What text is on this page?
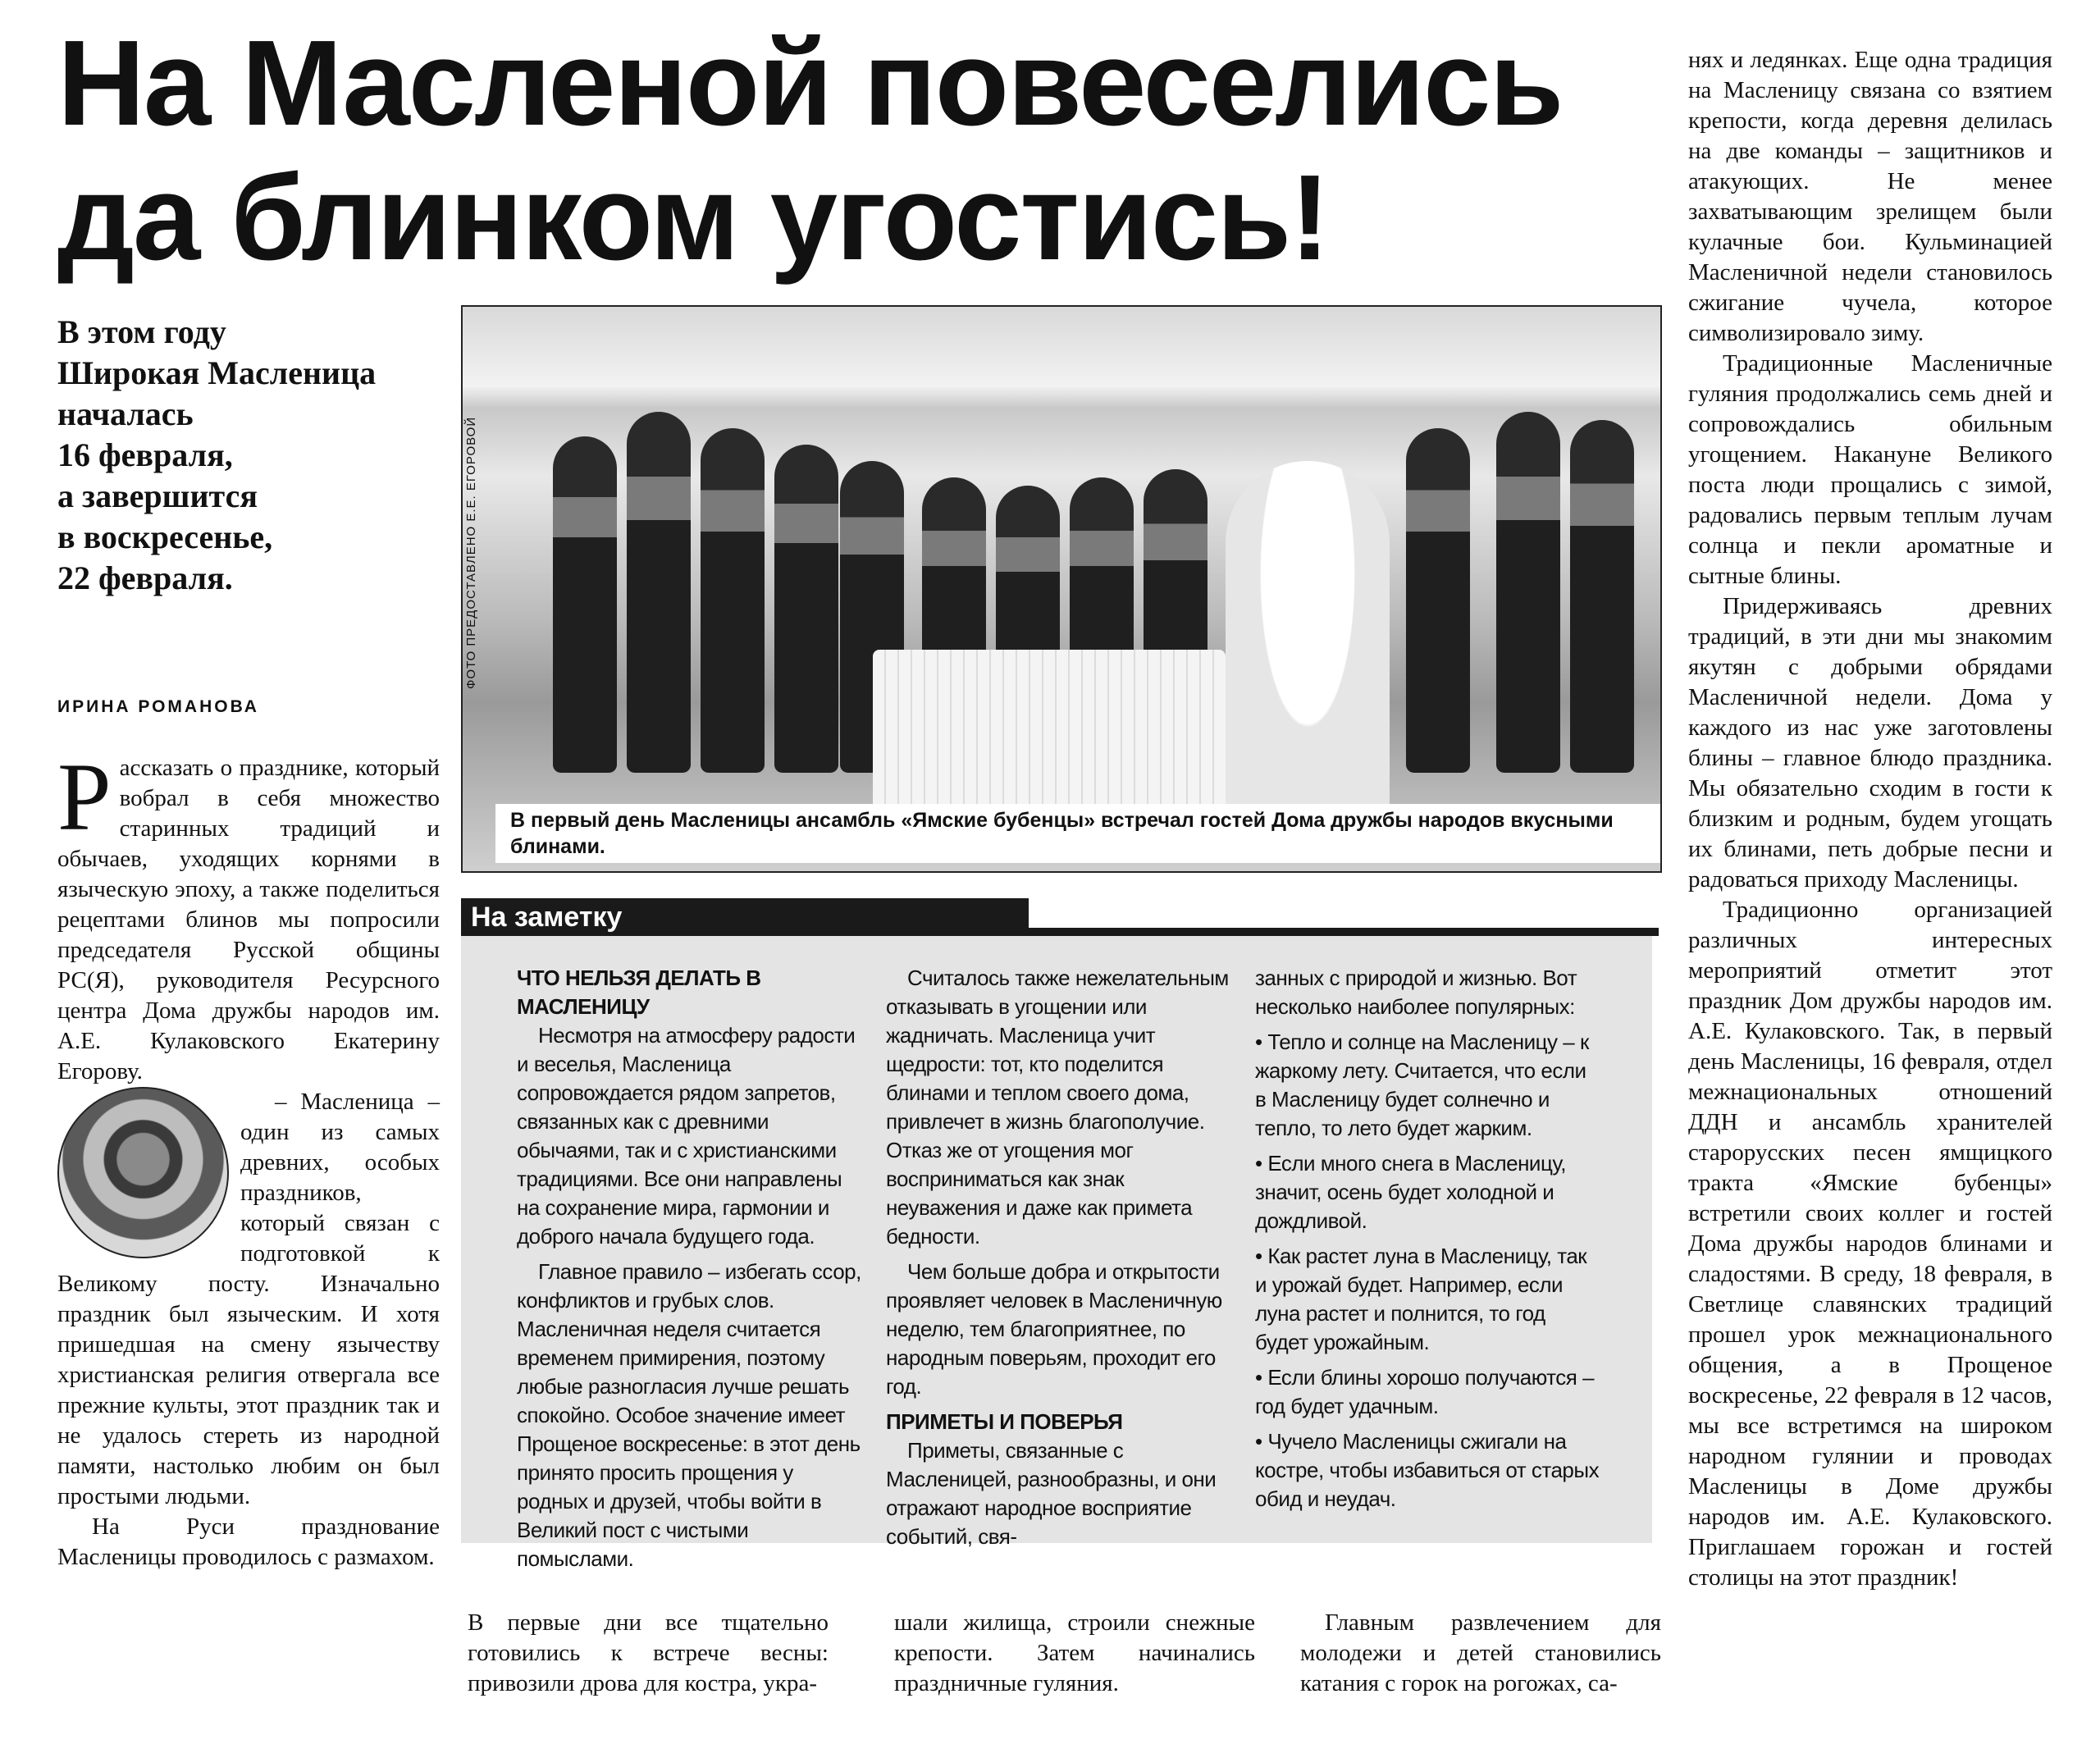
На Масленой повеселись
да блинком угостись!
В этом году
Широкая Масленица
началась
16 февраля,
а завершится
в воскресенье,
22 февраля.
ИРИНА РОМАНОВА

Рассказать о празднике, который вобрал в себя множество старинных традиций и обычаев, уходящих корнями в языческую эпоху, а также поделиться рецептами блинов мы попросили председателя Русской общины РС(Я), руководителя Ресурсного центра Дома дружбы народов им. А.Е. Кулаковского Екатерину Егорову.

– Масленица – один из самых древних, особых праздников, который связан с подготовкой к Великому посту. Изначально праздник был языческим. И хотя пришедшая на смену язычеству христианская религия отвергала все прежние культы, этот праздник так и не удалось стереть из народной памяти, настолько любим он был простыми людьми.

На Руси празднование Масленицы проводилось с размахом.

ФОТО ПРЕДОСТАВЛЕНО Е.Е. ЕГОРОВОЙ
В первый день Масленицы ансамбль «Ямские бубенцы» встречал гостей Дома дружбы народов вкусными блинами.
На заметку

ЧТО НЕЛЬЗЯ ДЕЛАТЬ В МАСЛЕНИЦУ

Несмотря на атмосферу радости и веселья, Масленица сопровождается рядом запретов, связанных как с древними обычаями, так и с христианскими традициями. Все они направлены на сохранение мира, гармонии и доброго начала будущего года.

Главное правило – избегать ссор, конфликтов и грубых слов. Масленичная неделя считается временем примирения, поэтому любые разногласия лучше решать спокойно. Особое значение имеет Прощеное воскресенье: в этот день принято просить прощения у родных и друзей, чтобы войти в Великий пост с чистыми помыслами.

Считалось также нежелательным отказывать в угощении или жадничать. Масленица учит щедрости: тот, кто поделится блинами и теплом своего дома, привлечет в жизнь благополучие. Отказ же от угощения мог восприниматься как знак неуважения и даже как примета бедности.

Чем больше добра и открытости проявляет человек в Масленичную неделю, тем благоприятнее, по народным поверьям, проходит его год.

ПРИМЕТЫ И ПОВЕРЬЯ

Приметы, связанные с Масленицей, разнообразны, и они отражают народное восприятие событий, свя-

занных с природой и жизнью. Вот несколько наиболее популярных:

• Тепло и солнце на Масленицу – к жаркому лету. Считается, что если в Масленицу будет солнечно и тепло, то лето будет жарким.

• Если много снега в Масленицу, значит, осень будет холодной и дождливой.

• Как растет луна в Масленицу, так и урожай будет. Например, если луна растет и полнится, то год будет урожайным.

• Если блины хорошо получаются – год будет удачным.

• Чучело Масленицы сжигали на костре, чтобы избавиться от старых обид и неудач.

В первые дни все тщательно готовились к встрече весны: привозили дрова для костра, укра-

шали жилища, строили снежные крепости. Затем начинались праздничные гуляния.

Главным развлечением для молодежи и детей становились катания с горок на рогожах, са-

нях и ледянках. Еще одна традиция на Масленицу связана со взятием крепости, когда деревня делилась на две команды – защитников и атакующих. Не менее захватывающим зрелищем были кулачные бои. Кульминацией Масленичной недели становилось сжигание чучела, которое символизировало зиму.

Традиционные Масленичные гуляния продолжались семь дней и сопровождались обильным угощением. Накануне Великого поста люди прощались с зимой, радовались первым теплым лучам солнца и пекли ароматные и сытные блины.

Придерживаясь древних традиций, в эти дни мы знакомим якутян с добрыми обрядами Масленичной недели. Дома у каждого из нас уже заготовлены блины – главное блюдо праздника. Мы обязательно сходим в гости к близким и родным, будем угощать их блинами, петь добрые песни и радоваться приходу Масленицы.

Традиционно организацией различных интересных мероприятий отметит этот праздник Дом дружбы народов им. А.Е. Кулаковского. Так, в первый день Масленицы, 16 февраля, отдел межнациональных отношений ДДН и ансамбль хранителей старорусских песен ямщицкого тракта «Ямские бубенцы» встретили своих коллег и гостей Дома дружбы народов блинами и сладостями. В среду, 18 февраля, в Светлице славянских традиций прошел урок межнационального общения, а в Прощеное воскресенье, 22 февраля в 12 часов, мы все встретимся на широком народном гулянии и проводах Масленицы в Доме дружбы народов им. А.Е. Кулаковского. Приглашаем горожан и гостей столицы на этот праздник!
